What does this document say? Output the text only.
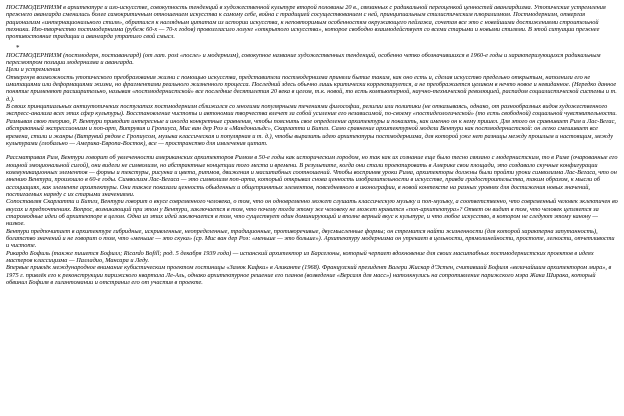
ПОСТМОДЕРНИЗМ в архитектуре и изо-искусстве, совокупность тенденций в художественной культуре второй половины 20 в., связанных с радикальной переоценкой ценностей авангардизма. Утопические устремления прежнего авангарда сменились более самокритичным отношением искусства к самому себе, война с традицией сосуществованием с ней, принципиальным стилистическим плюрализмом. Постмодернизм, отвергая рационализм «интернационального стиля», обратился к наглядным цитатам из истории искусства, к неповторимым особенностям окружающего пейзажа, сочетая все это с новейшими достижениями строительной техники. Изо-творчество постмодернизма (рубеж 60-х — 70-х годов) провозгласило лозунг «открытого искусства», которое свободно взаимодействует со всеми старыми и новыми стилями. В этой ситуации прежнее противостояние традиции и авангарда утратило свой смысл.

*

ПОСТМОДЕРНИЗМ (постмодерн, поставангард) (от лат. post «после» и модернизм), совокупное название художественных тенденций, особенно четко обозначившихся в 1960-е годы и характеризующихся радикальным пересмотром позиции модернизма и авангарда.

Цели и устремления

Отвергнув возможность утопического преобразования жизни с помощью искусства, представители постмодернизма приняли бытие таким, как оно есть и, сделав искусство предельно открытым, наполнили его не имитациями или деформациями жизни, но фрагментами реального жизненного процесса. Последний здесь обычно лишь критически корректируется, а не преображается целиком в нечто новое и невиданное. (Нередко данное понятие применяют расширительно, называя «постмодернистской» все последние десятилетия 20 века в целом, т.к. новой, то есть компьютерной, научно-технической революцией, распадом социалистической системы и т. д.).

В своих принципиальных антиутопичеких постулатах постмодернизм сближался со многими популярными течениями философии, религии или политики (не отказываясь, однако, от разнообразных видов художественного экспресс-анализа всех этих сфер культуры). Восстановление чистоты и автономии творчества влечет за собой усиление его независимой, по-своему «постидеологической» (то есть свободной) социальной чувствительности.

Размывая свою теорию, Р. Вентури приводит интересные и иногда конкретные сравнения, чтобы пояснить свое определение архитектуры и показать, как именно он к нему пришел. Для этого он сравнивает Рим и Лас-Вегас, абстрактный экспрессионизм и поп-арт, Витрувия и Гропиуса, Мис ван дер Роэ и «Макдональдс», Скарлатти и Битлз. Само сравнение архитектурной модели Вентури как постмодернистской: он легко смешивает все времена, стили и жанры (Витрувий рядом с Гропиусом, музыка классическая и популярная и т. д.), чтобы выразить идею архитектуры постмодернизма, для которой уже нет разницы между прошлым и настоящим, между культурами (глобально — Америка-Европа-Восток), все — пространство для извлечения цитат.

Рассматривая Рим, Вентури говорит об увлеченности американских архитекторов Римом в 50-е годы как историческим городом, но так как их сознание еще было тесно связано с модернистским, то в Риме (очарованные его мощной эмоциональной силой), они видели не символизм, но абстрактные концепции того места и времени. В результате, когда они стали проектировать в Америке свои площади, это создавало скучные конфигурации коммуникационных элементов — формы и текстуры, рисунка и цвета, ритмов, движения и масштабных соотношений. Чтобы восприняв уроки Рима, архитекторы должны были пройти уроки символизма Лас-Вегаса, что он мнению Вентури, произошло в 60-е годы. Символизм Лас-Вегаса — это символизм поп-арта, который открывал снова ценность изобразительности в искусстве, правда градостроительства, таким образом, к мысли об ассоциациях, как элементе архитектуры. Они также показали ценность обыденных и общепринятых элементов, повседневного в иконографии, в новой контексте на разных уровнях для достижения новых значений, постигаемых наряду с их старыми значениями.

Сопоставляя Скарлатти и Битлз, Вентури говорит о вкусе современного человека, о том, что он одновременно может слушать классическую музыку и поп-музыку, а соответственно, что современный человек эклектичен во вкусах и предпочтениях. Вопрос, возникающий при этом у Вентури, заключается в том, что почему тогда этому же человеку не может нравится «поп-архитектура»? Ответ он видит в том, что человек цепляется за старомодные идеи об архитекторе в целом. Одна из этих идей заключается в том, что существует один доминирующий и вполне верный вкус к культуре, и что любое искусство, в котором не следуют этому канону — низкое.

Вентури предпочитает в архитектуре гибридные, искривленные, неопределенные, традиционные, противоречивые, двусмысленные формы; он стремится найти жизненности (для которой характерна запутанность), богатство значений и не говорит о том, что «меньше — это скука» (ср. Мис ван дер Роэ: «меньше — это больше»). Архитектуру модернизма он упрекает в цельности, прямолинейности, простоте, легкости, отчетливости и чистоте.

Рикардо Бофиль (также пишется Бофилл; Ricardo Bofill; род. 5 декабря 1939 года) — испанский архитектор из Барселоны, который черпает вдохновение для своих масштабных постмодернистских проектов в идеях мастеров классицизма — Палладио, Мансара и Леду.

Впервые привлёк международное внимание кубистическим проектом гостиницы «Замок Кафки» в Аликанте (1968). Французский президент Валери Жискар д'Эстен, считавший Бофиля «величайшим архитектором мира», в 1975 г. привлёк его к реконструкции парижского квартала Ле-Аль, однако архитектурное решение его планов (возведение «Версаля для масс») натолкнулись на сопротивление парижского мэра Жака Ширака, который обвинил Бофиля в гигантомании и отстранил его от участия в проекте.
